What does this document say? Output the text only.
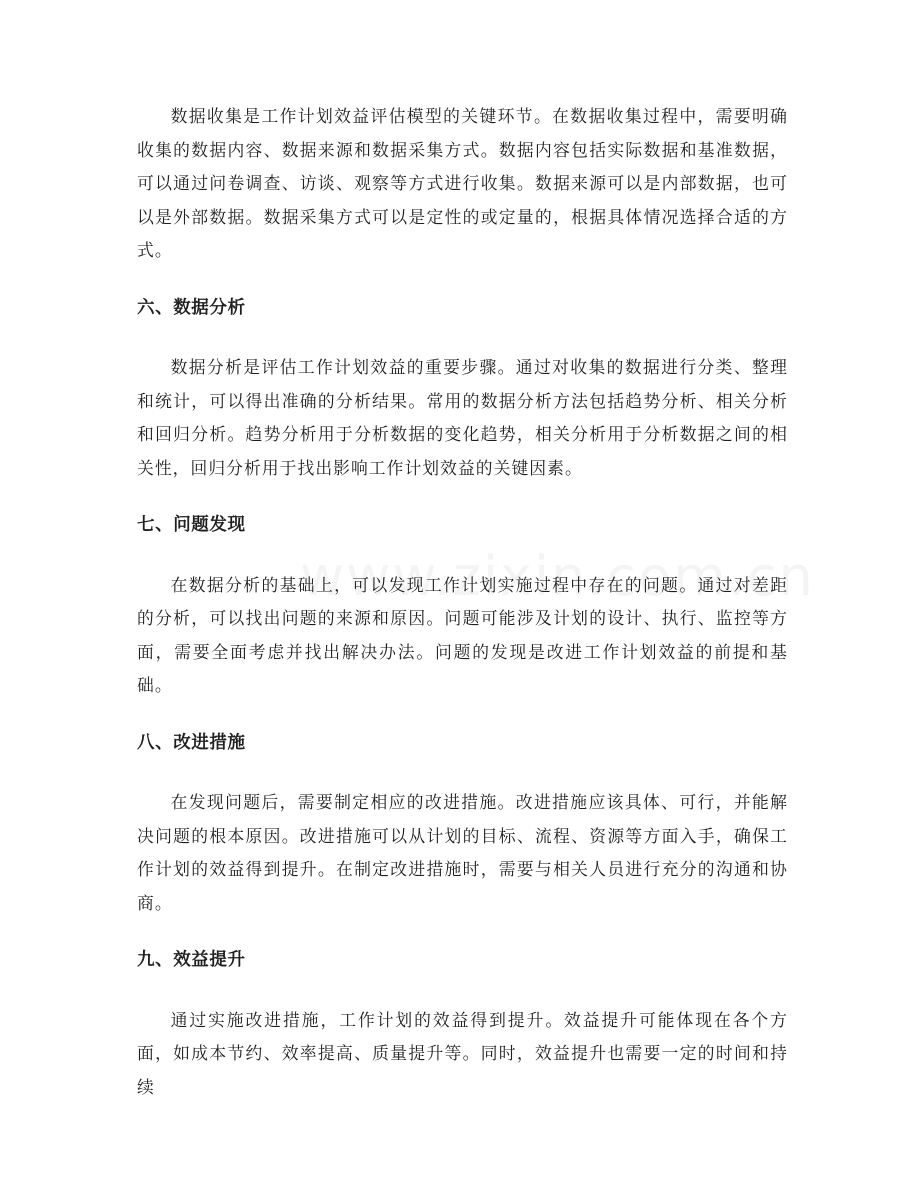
数据收集是工作计划效益评估模型的关键环节。在数据收集过程中，需要明确收集的数据内容、数据来源和数据采集方式。数据内容包括实际数据和基准数据，可以通过问卷调查、访谈、观察等方式进行收集。数据来源可以是内部数据，也可以是外部数据。数据采集方式可以是定性的或定量的，根据具体情况选择合适的方式。

六、数据分析

数据分析是评估工作计划效益的重要步骤。通过对收集的数据进行分类、整理和统计，可以得出准确的分析结果。常用的数据分析方法包括趋势分析、相关分析和回归分析。趋势分析用于分析数据的变化趋势，相关分析用于分析数据之间的相关性，回归分析用于找出影响工作计划效益的关键因素。

七、问题发现

在数据分析的基础上，可以发现工作计划实施过程中存在的问题。通过对差距的分析，可以找出问题的来源和原因。问题可能涉及计划的设计、执行、监控等方面，需要全面考虑并找出解决办法。问题的发现是改进工作计划效益的前提和基础。

八、改进措施

在发现问题后，需要制定相应的改进措施。改进措施应该具体、可行，并能解决问题的根本原因。改进措施可以从计划的目标、流程、资源等方面入手，确保工作计划的效益得到提升。在制定改进措施时，需要与相关人员进行充分的沟通和协商。

九、效益提升

通过实施改进措施，工作计划的效益得到提升。效益提升可能体现在各个方面，如成本节约、效率提高、质量提升等。同时，效益提升也需要一定的时间和持续
